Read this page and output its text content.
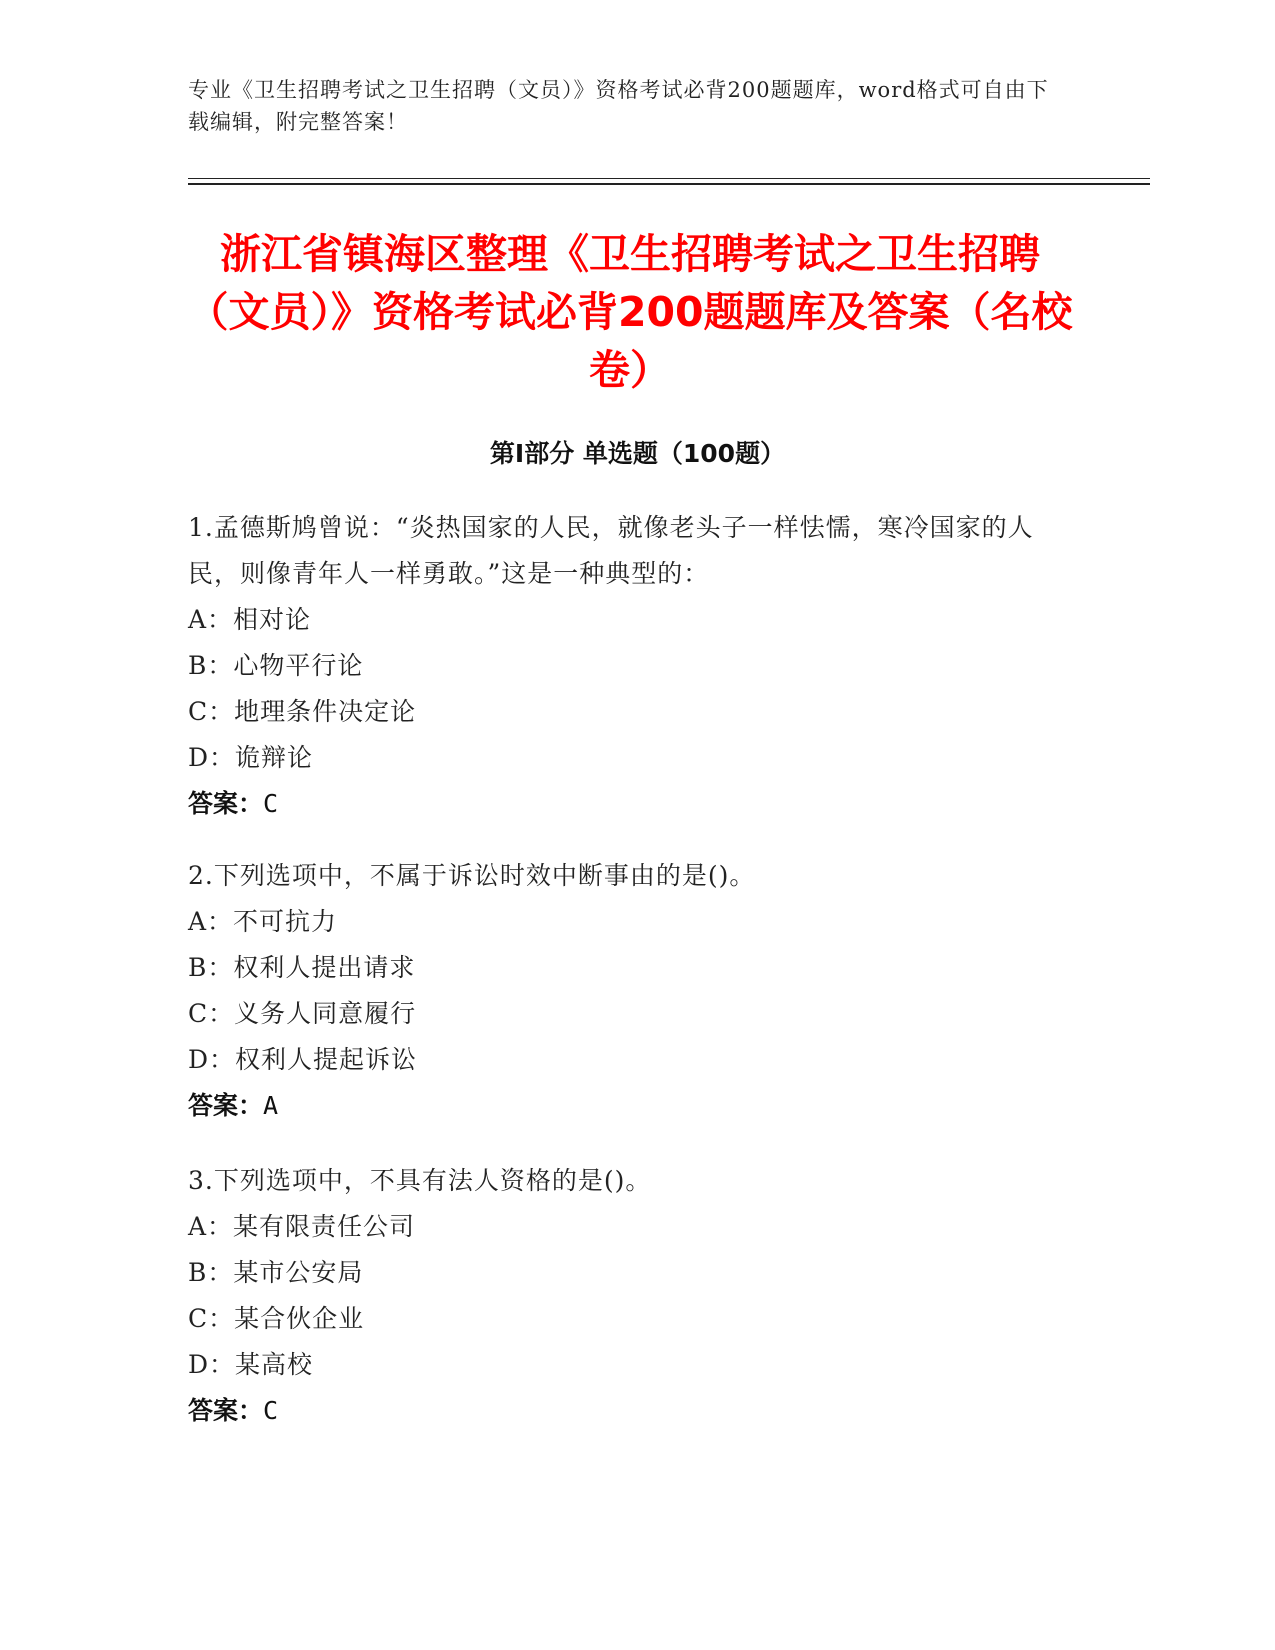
专业《卫生招聘考试之卫生招聘（文员）》资格考试必背200题题库，word格式可自由下载编辑，附完整答案！
浙江省镇海区整理《卫生招聘考试之卫生招聘（文员）》资格考试必背200题题库及答案（名校卷）
第I部分 单选题（100题）
1.孟德斯鸠曾说：“炎热国家的人民，就像老头子一样怯懦，寒冷国家的人民，则像青年人一样勇敢。”这是一种典型的：
A：相对论
B：心物平行论
C：地理条件决定论
D：诡辩论
答案：C
2.下列选项中，不属于诉讼时效中断事由的是()。
A：不可抗力
B：权利人提出请求
C：义务人同意履行
D：权利人提起诉讼
答案：A
3.下列选项中，不具有法人资格的是()。
A：某有限责任公司
B：某市公安局
C：某合伙企业
D：某高校
答案：C
